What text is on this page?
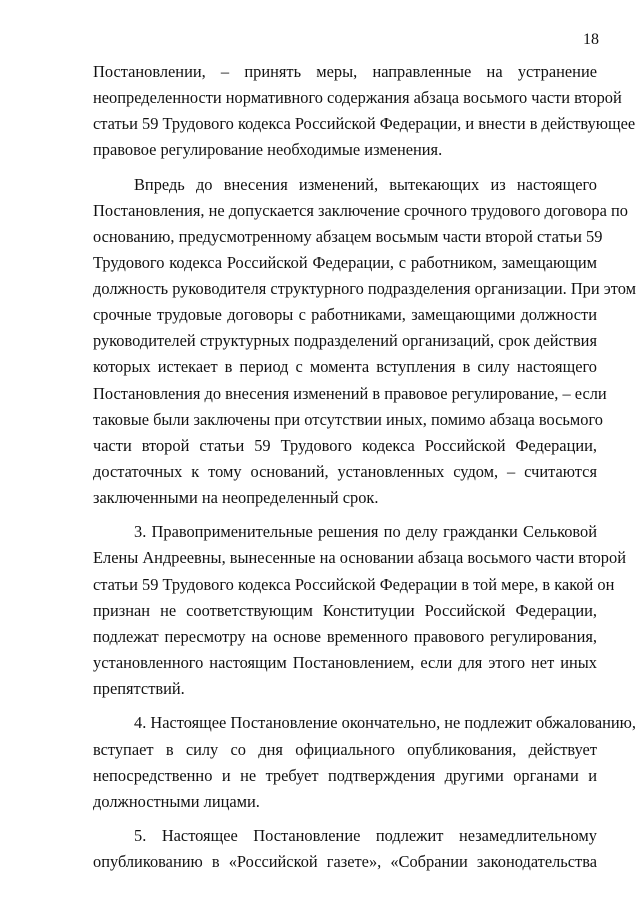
18
Постановлении, – принять меры, направленные на устранение
неопределенности нормативного содержания абзаца восьмого части второй
статьи 59 Трудового кодекса Российской Федерации, и внести в действующее
правовое регулирование необходимые изменения.
Впредь до внесения изменений, вытекающих из настоящего
Постановления, не допускается заключение срочного трудового договора по
основанию, предусмотренному абзацем восьмым части второй статьи 59
Трудового кодекса Российской Федерации, с работником, замещающим
должность руководителя структурного подразделения организации. При этом
срочные трудовые договоры с работниками, замещающими должности
руководителей структурных подразделений организаций, срок действия
которых истекает в период с момента вступления в силу настоящего
Постановления до внесения изменений в правовое регулирование, – если
таковые были заключены при отсутствии иных, помимо абзаца восьмого
части второй статьи 59 Трудового кодекса Российской Федерации,
достаточных к тому оснований, установленных судом, – считаются
заключенными на неопределенный срок.
3. Правоприменительные решения по делу гражданки Сельковой
Елены Андреевны, вынесенные на основании абзаца восьмого части второй
статьи 59 Трудового кодекса Российской Федерации в той мере, в какой он
признан не соответствующим Конституции Российской Федерации,
подлежат пересмотру на основе временного правового регулирования,
установленного настоящим Постановлением, если для этого нет иных
препятствий.
4. Настоящее Постановление окончательно, не подлежит обжалованию,
вступает в силу со дня официального опубликования, действует
непосредственно и не требует подтверждения другими органами и
должностными лицами.
5. Настоящее Постановление подлежит незамедлительному
опубликованию в «Российской газете», «Собрании законодательства
